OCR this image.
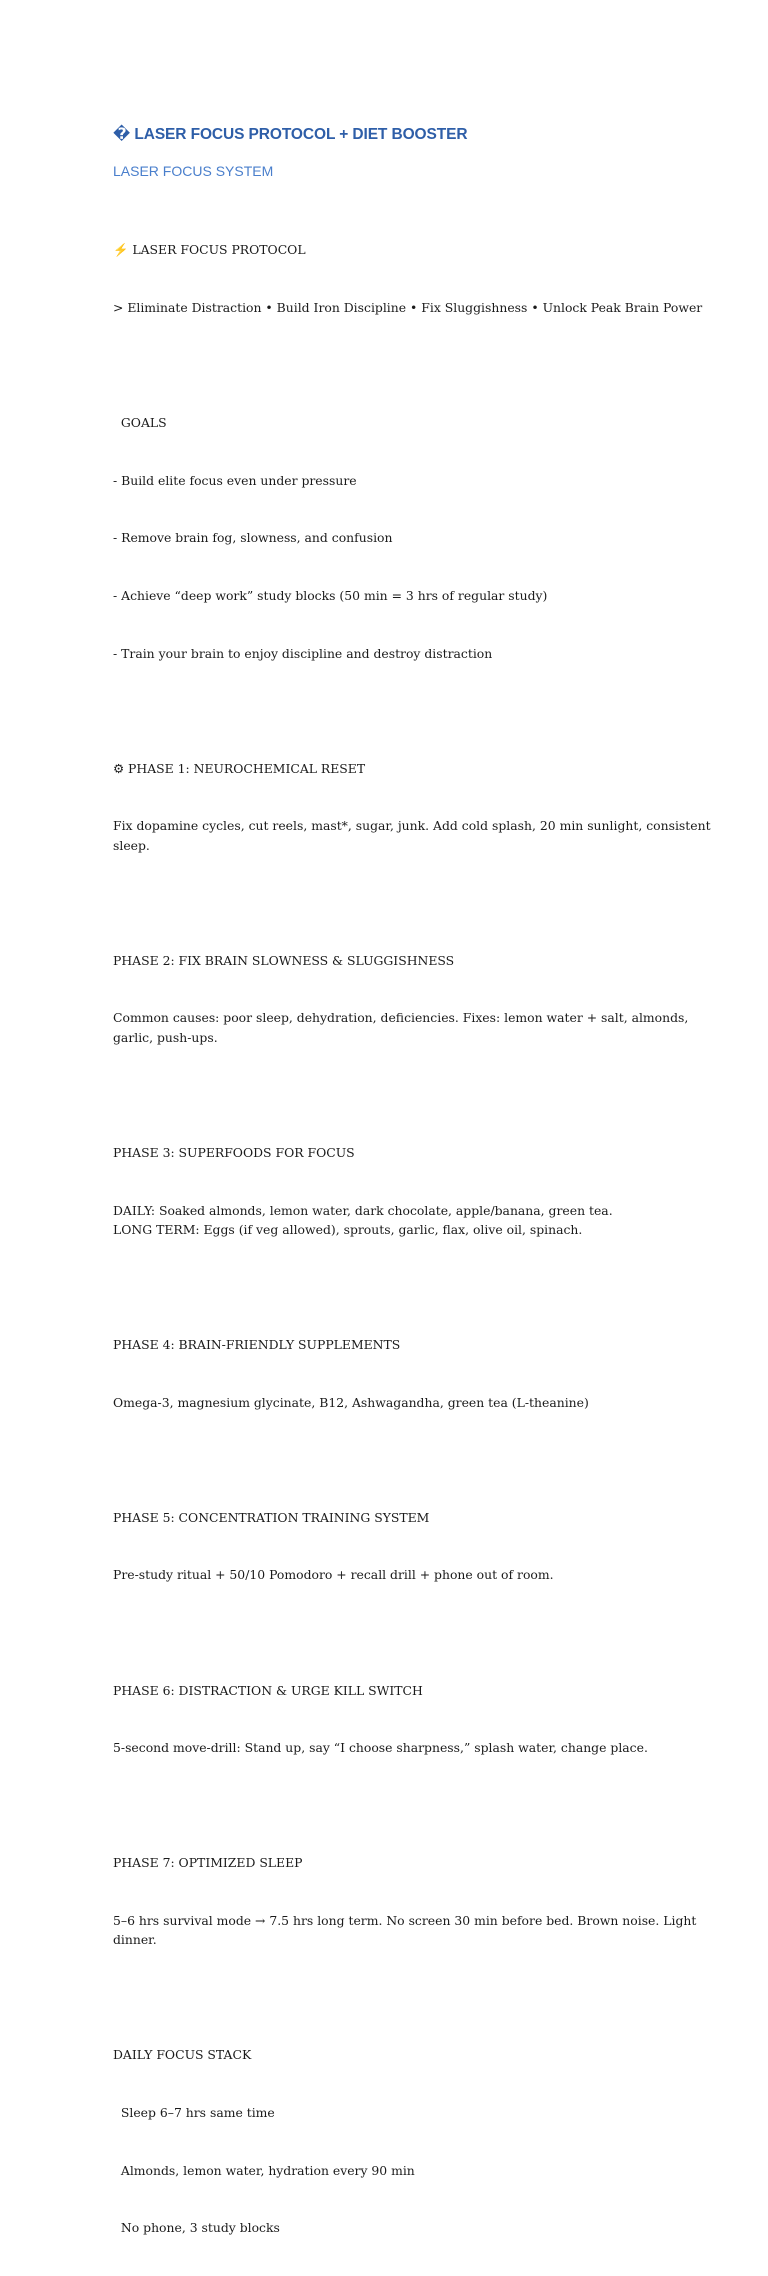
� LASER FOCUS PROTOCOL + DIET BOOSTER
LASER FOCUS SYSTEM

⚡ LASER FOCUS PROTOCOL

> Eliminate Distraction • Build Iron Discipline • Fix Sluggishness • Unlock Peak Brain Power

GOALS

- Build elite focus even under pressure

- Remove brain fog, slowness, and confusion

- Achieve “deep work” study blocks (50 min = 3 hrs of regular study)

- Train your brain to enjoy discipline and destroy distraction

⚙ PHASE 1: NEUROCHEMICAL RESET

Fix dopamine cycles, cut reels, mast*, sugar, junk. Add cold splash, 20 min sunlight, consistent sleep.

PHASE 2: FIX BRAIN SLOWNESS & SLUGGISHNESS

Common causes: poor sleep, dehydration, deficiencies. Fixes: lemon water + salt, almonds, garlic, push-ups.

PHASE 3: SUPERFOODS FOR FOCUS

DAILY: Soaked almonds, lemon water, dark chocolate, apple/banana, green tea.
LONG TERM: Eggs (if veg allowed), sprouts, garlic, flax, olive oil, spinach.

PHASE 4: BRAIN-FRIENDLY SUPPLEMENTS

Omega-3, magnesium glycinate, B12, Ashwagandha, green tea (L-theanine)

PHASE 5: CONCENTRATION TRAINING SYSTEM

Pre-study ritual + 50/10 Pomodoro + recall drill + phone out of room.

PHASE 6: DISTRACTION & URGE KILL SWITCH

5-second move-drill: Stand up, say “I choose sharpness,” splash water, change place.

PHASE 7: OPTIMIZED SLEEP

5–6 hrs survival mode → 7.5 hrs long term. No screen 30 min before bed. Brown noise. Light dinner.

DAILY FOCUS STACK

Sleep 6–7 hrs same time

Almonds, lemon water, hydration every 90 min

No phone, 3 study blocks
